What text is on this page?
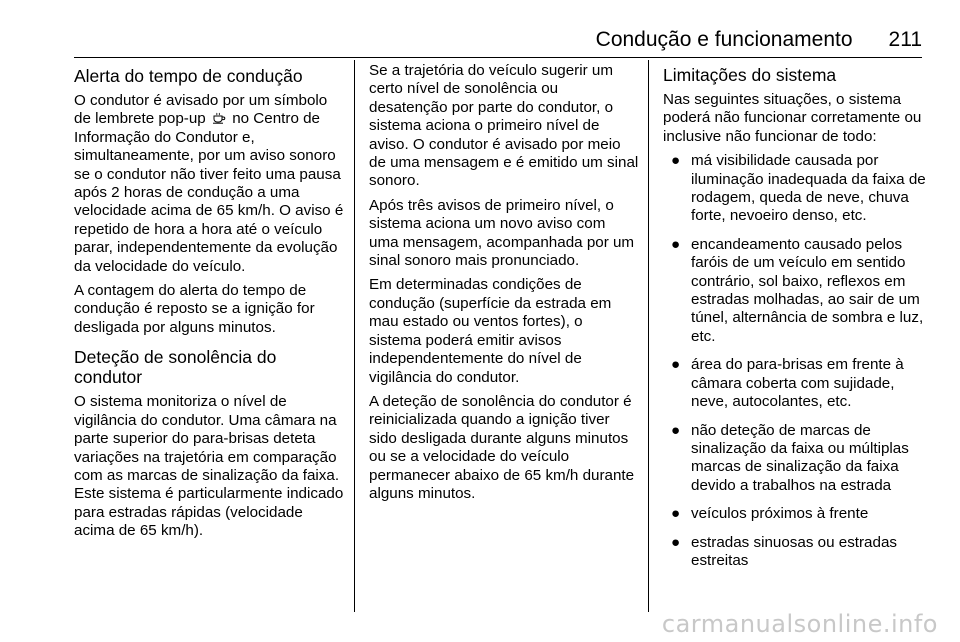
Condução e funcionamento 211
Alerta do tempo de condução

O condutor é avisado por um símbolo de lembrete pop-up no Centro de Informação do Condutor e, simultaneamente, por um aviso sonoro se o condutor não tiver feito uma pausa após 2 horas de condução a uma velocidade acima de 65 km/h. O aviso é repetido de hora a hora até o veículo parar, independentemente da evolução da velocidade do veículo.

A contagem do alerta do tempo de condução é reposto se a ignição for desligada por alguns minutos.

Deteção de sonolência do condutor

O sistema monitoriza o nível de vigilância do condutor. Uma câmara na parte superior do para-brisas deteta variações na trajetória em comparação com as marcas de sinalização da faixa. Este sistema é particularmente indicado para estradas rápidas (velocidade acima de 65 km/h).

Se a trajetória do veículo sugerir um certo nível de sonolência ou desatenção por parte do condutor, o sistema aciona o primeiro nível de aviso. O condutor é avisado por meio de uma mensagem e é emitido um sinal sonoro.

Após três avisos de primeiro nível, o sistema aciona um novo aviso com uma mensagem, acompanhada por um sinal sonoro mais pronunciado.

Em determinadas condições de condução (superfície da estrada em mau estado ou ventos fortes), o sistema poderá emitir avisos independentemente do nível de vigilância do condutor.

A deteção de sonolência do condutor é reinicializada quando a ignição tiver sido desligada durante alguns minutos ou se a velocidade do veículo permanecer abaixo de 65 km/h durante alguns minutos.

Limitações do sistema

Nas seguintes situações, o sistema poderá não funcionar corretamente ou inclusive não funcionar de todo:

● má visibilidade causada por iluminação inadequada da faixa de rodagem, queda de neve, chuva forte, nevoeiro denso, etc.
● encandeamento causado pelos faróis de um veículo em sentido contrário, sol baixo, reflexos em estradas molhadas, ao sair de um túnel, alternância de sombra e luz, etc.
● área do para-brisas em frente à câmara coberta com sujidade, neve, autocolantes, etc.
● não deteção de marcas de sinalização da faixa ou múltiplas marcas de sinalização da faixa devido a trabalhos na estrada
● veículos próximos à frente
● estradas sinuosas ou estradas estreitas
carmanualsonline.info
